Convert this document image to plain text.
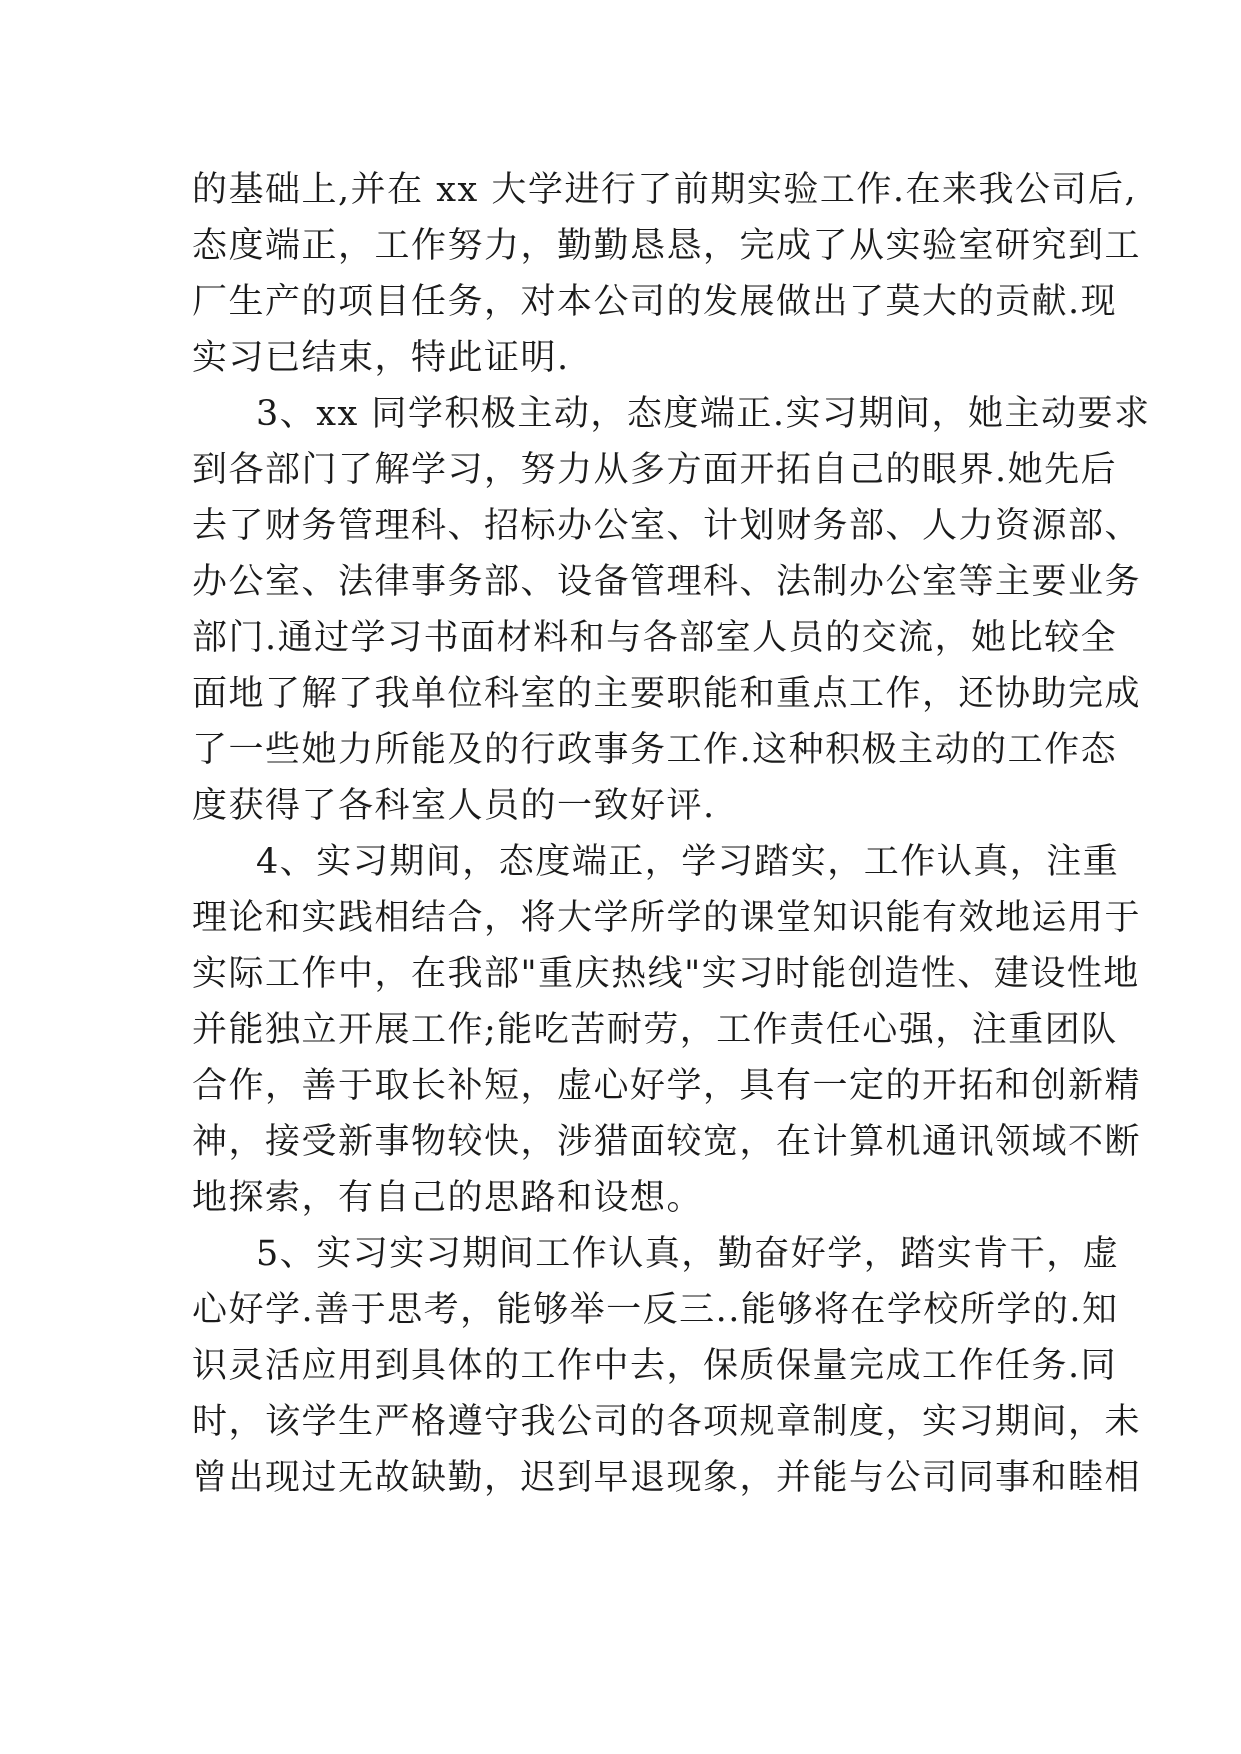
的基础上,并在 xx 大学进行了前期实验工作.在来我公司后,
态度端正，工作努力，勤勤恳恳，完成了从实验室研究到工
厂生产的项目任务，对本公司的发展做出了莫大的贡献.现
实习已结束，特此证明.
3、xx 同学积极主动，态度端正.实习期间，她主动要求
到各部门了解学习，努力从多方面开拓自己的眼界.她先后
去了财务管理科、招标办公室、计划财务部、人力资源部、
办公室、法律事务部、设备管理科、法制办公室等主要业务
部门.通过学习书面材料和与各部室人员的交流，她比较全
面地了解了我单位科室的主要职能和重点工作，还协助完成
了一些她力所能及的行政事务工作.这种积极主动的工作态
度获得了各科室人员的一致好评.
4、实习期间，态度端正，学习踏实，工作认真，注重
理论和实践相结合，将大学所学的课堂知识能有效地运用于
实际工作中，在我部"重庆热线"实习时能创造性、建设性地
并能独立开展工作;能吃苦耐劳，工作责任心强，注重团队
合作，善于取长补短，虚心好学，具有一定的开拓和创新精
神，接受新事物较快，涉猎面较宽，在计算机通讯领域不断
地探索，有自己的思路和设想。
5、实习实习期间工作认真，勤奋好学，踏实肯干，虚
心好学.善于思考，能够举一反三..能够将在学校所学的.知
识灵活应用到具体的工作中去，保质保量完成工作任务.同
时，该学生严格遵守我公司的各项规章制度，实习期间，未
曾出现过无故缺勤，迟到早退现象，并能与公司同事和睦相
